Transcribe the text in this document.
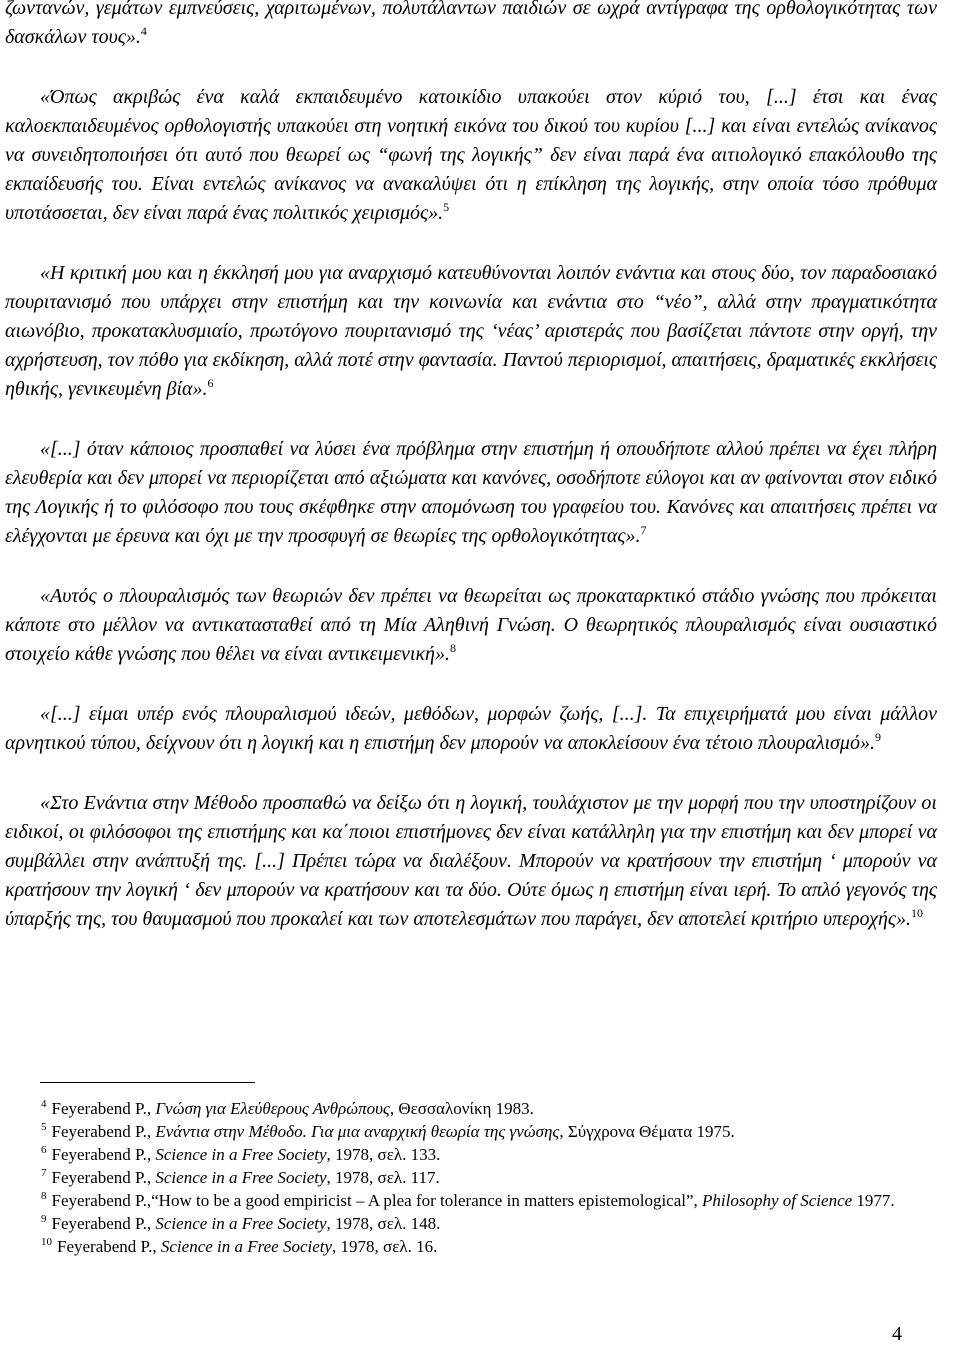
ζωντανών, γεμάτων εμπνεύσεις, χαριτωμένων, πολυτάλαντων παιδιών σε ωχρά αντίγραφα της ορθολογικότητας των δασκάλων τους».$^4$

«Όπως ακριβώς ένα καλά εκπαιδευμένο κατοικίδιο υπακούει στον κύριό του, [...] έτσι και ένας καλοεκπαιδευμένος ορθολογιστής υπακούει στη νοητική εικόνα του δικού του κυρίου [...] και είναι εντελώς ανίκανος να συνειδητοποιήσει ότι αυτό που θεωρεί ως “φωνή της λογικής” δεν είναι παρά ένα αιτιολογικό επακόλουθο της εκπαίδευσής του. Είναι εντελώς ανίκανος να ανακαλύψει ότι η επίκληση της λογικής, στην οποία τόσο πρόθυμα υποτάσσεται, δεν είναι παρά ένας πολιτικός χειρισμός».$^5$

«Η κριτική μου και η έκκλησή μου για αναρχισμό κατευθύνονται λοιπόν ενάντια και στους δύο, τον παραδοσιακό πουριτανισμό που υπάρχει στην επιστήμη και την κοινωνία και ενάντια στο “νέο”, αλλά στην πραγματικότητα αιωνόβιο, προκατακλυσμιαίο, πρωτόγονο πουριτανισμό της ‘νέας’ αριστεράς που βασίζεται πάντοτε στην οργή, την αχρήστευση, τον πόθο για εκδίκηση, αλλά ποτέ στην φαντασία. Παντού περιορισμοί, απαιτήσεις, δραματικές εκκλήσεις ηθικής, γενικευμένη βία».$^6$

«[...] όταν κάποιος προσπαθεί να λύσει ένα πρόβλημα στην επιστήμη ή οπουδήποτε αλλού πρέπει να έχει πλήρη ελευθερία και δεν μπορεί να περιορίζεται από αξιώματα και κανόνες, οσοδήποτε εύλογοι και αν φαίνονται στον ειδικό της Λογικής ή το φιλόσοφο που τους σκέφθηκε στην απομόνωση του γραφείου του. Κανόνες και απαιτήσεις πρέπει να ελέγχονται με έρευνα και όχι με την προσφυγή σε θεωρίες της ορθολογικότητας».$^7$

«Αυτός ο πλουραλισμός των θεωριών δεν πρέπει να θεωρείται ως προκαταρκτικό στάδιο γνώσης που πρόκειται κάποτε στο μέλλον να αντικατασταθεί από τη Μία Αληθινή Γνώση. Ο θεωρητικός πλουραλισμός είναι ουσιαστικό στοιχείο κάθε γνώσης που θέλει να είναι αντικειμενική».$^8$

«[...] είμαι υπέρ ενός πλουραλισμού ιδεών, μεθόδων, μορφών ζωής, [...]. Τα επιχειρήματά μου είναι μάλλον αρνητικού τύπου, δείχνουν ότι η λογική και η επιστήμη δεν μπορούν να αποκλείσουν ένα τέτοιο πλουραλισμό».$^9$

«Στο Ενάντια στην Μέθοδο προσπαθώ να δείξω ότι η λογική, τουλάχιστον με την μορφή που την υποστηρίζουν οι ειδικοί, οι φιλόσοφοι της επιστήμης και κα΄ποιοι επιστήμονες δεν είναι κατάλληλη για την επιστήμη και δεν μπορεί να συμβάλλει στην ανάπτυξή της. [...] Πρέπει τώρα να διαλέξουν. Μπορούν να κρατήσουν την επιστήμη ‘ μπορούν να κρατήσουν την λογική ‘ δεν μπορούν να κρατήσουν και τα δύο. Ούτε όμως η επιστήμη είναι ιερή. Το απλό γεγονός της ύπαρξής της, του θαυμασμού που προκαλεί και των αποτελεσμάτων που παράγει, δεν αποτελεί κριτήριο υπεροχής».$^{10}$

4 Feyerabend P., Γνώση για Ελεύθερους Ανθρώπους, Θεσσαλονίκη 1983.

5 Feyerabend P., Ενάντια στην Μέθοδο. Για μια αναρχική θεωρία της γνώσης, Σύγχρονα Θέματα 1975.

6 Feyerabend P., Science in a Free Society, 1978, σελ. 133.

7 Feyerabend P., Science in a Free Society, 1978, σελ. 117.

8 Feyerabend P.,“How to be a good empiricist – A plea for tolerance in matters epistemological”, Philosophy of Science 1977.

9 Feyerabend P., Science in a Free Society, 1978, σελ. 148.

10 Feyerabend P., Science in a Free Society, 1978, σελ. 16.

4
